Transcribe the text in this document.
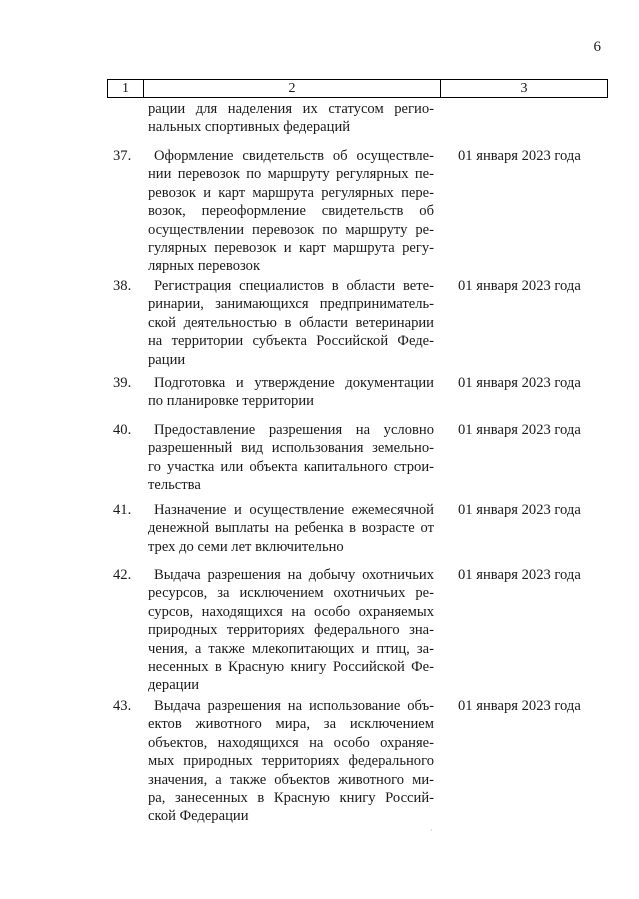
6
1	2	3
рации для наделения их статусом регио-
нальных спортивных федераций
37.	Оформление свидетельств об осуществле-
нии перевозок по маршруту регулярных пе-
ревозок и карт маршрута регулярных пере-
возок, переоформление свидетельств об
осуществлении перевозок по маршруту ре-
гулярных перевозок и карт маршрута регу-
лярных перевозок
01 января 2023 года
38.	Регистрация специалистов в области вете-
ринарии, занимающихся предприниматель-
ской деятельностью в области ветеринарии
на территории субъекта Российской Феде-
рации
01 января 2023 года
39.	Подготовка и утверждение документации
по планировке территории
01 января 2023 года
40.	Предоставление разрешения на условно
разрешенный вид использования земельно-
го участка или объекта капитального строи-
тельства
01 января 2023 года
41.	Назначение и осуществление ежемесячной
денежной выплаты на ребенка в возрасте от
трех до семи лет включительно
01 января 2023 года
42.	Выдача разрешения на добычу охотничьих
ресурсов, за исключением охотничьих ре-
сурсов, находящихся на особо охраняемых
природных территориях федерального зна-
чения, а также млекопитающих и птиц, за-
несенных в Красную книгу Российской Фе-
дерации
01 января 2023 года
43.	Выдача разрешения на использование объ-
ектов животного мира, за исключением
объектов, находящихся на особо охраняе-
мых природных территориях федерального
значения, а также объектов животного ми-
ра, занесенных в Красную книгу Россий-
ской Федерации
01 января 2023 года
·
